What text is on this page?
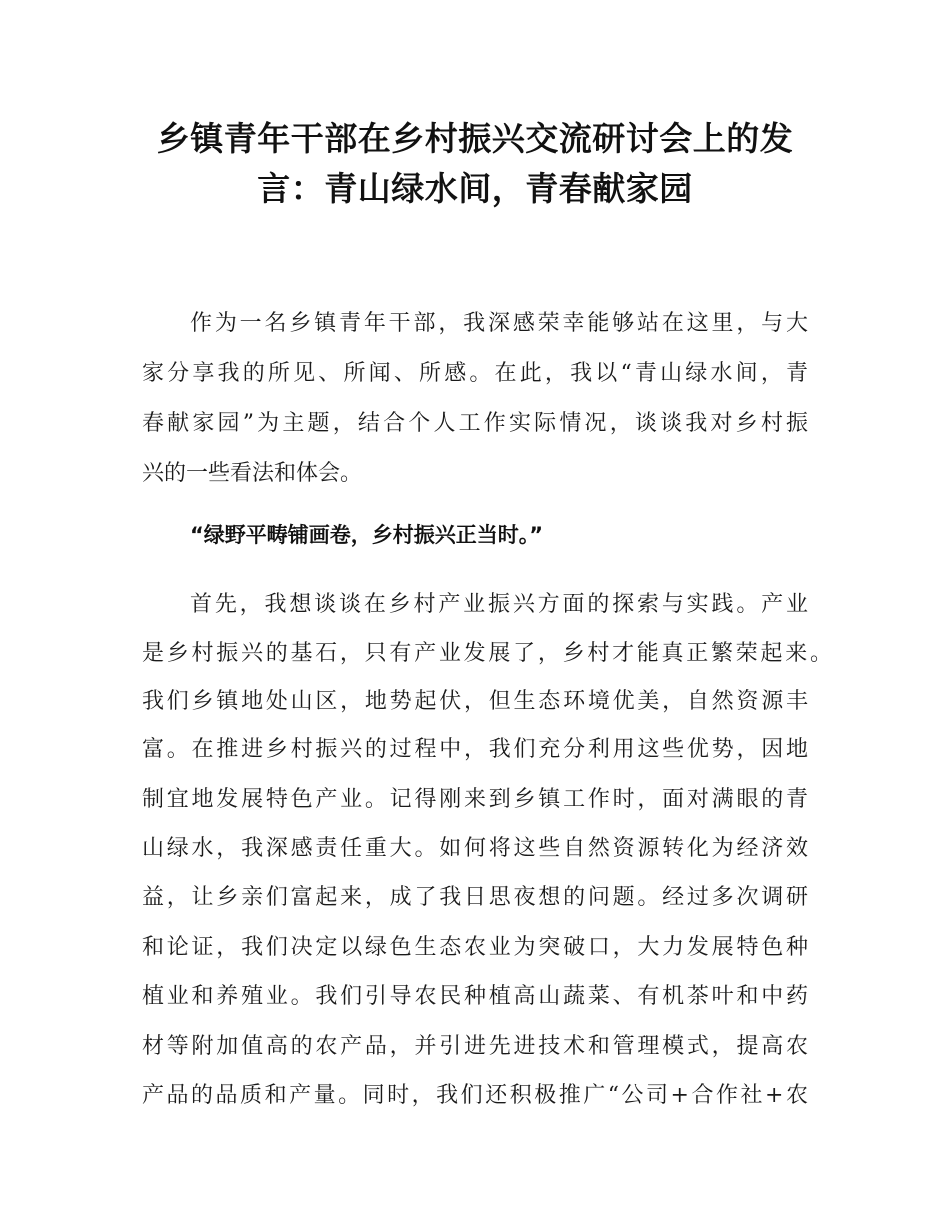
乡镇青年干部在乡村振兴交流研讨会上的发
言：青山绿水间，青春献家园

作为一名乡镇青年干部，我深感荣幸能够站在这里，与大

家分享我的所见、所闻、所感。在此，我以“青山绿水间，青

春献家园”为主题，结合个人工作实际情况，谈谈我对乡村振

兴的一些看法和体会。

“绿野平畴铺画卷，乡村振兴正当时。”

首先，我想谈谈在乡村产业振兴方面的探索与实践。产业

是乡村振兴的基石，只有产业发展了，乡村才能真正繁荣起来。

我们乡镇地处山区，地势起伏，但生态环境优美，自然资源丰

富。在推进乡村振兴的过程中，我们充分利用这些优势，因地

制宜地发展特色产业。记得刚来到乡镇工作时，面对满眼的青

山绿水，我深感责任重大。如何将这些自然资源转化为经济效

益，让乡亲们富起来，成了我日思夜想的问题。经过多次调研

和论证，我们决定以绿色生态农业为突破口，大力发展特色种

植业和养殖业。我们引导农民种植高山蔬菜、有机茶叶和中药

材等附加值高的农产品，并引进先进技术和管理模式，提高农

产品的品质和产量。同时，我们还积极推广“公司+合作社+农
